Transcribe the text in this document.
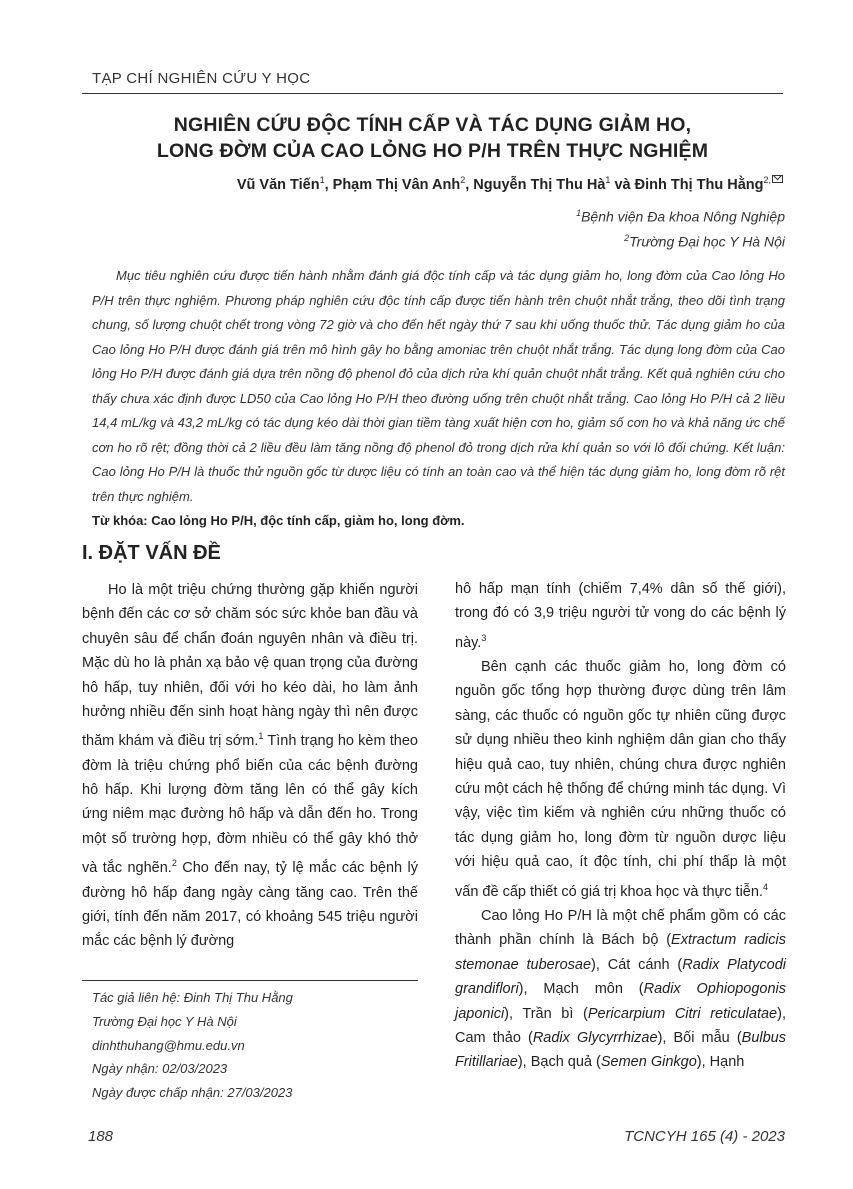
TẠP CHÍ NGHIÊN CỨU Y HỌC
NGHIÊN CỨU ĐỘC TÍNH CẤP VÀ TÁC DỤNG GIẢM HO,
LONG ĐỜM CỦA CAO LỎNG HO P/H TRÊN THỰC NGHIỆM
Vũ Văn Tiến$^1$, Phạm Thị Vân Anh$^2$, Nguyễn Thị Thu $Hà^1$ và Đinh Thị Thu Hằng$^{2,}$
$^1$Bệnh viện Đa khoa Nông Nghiệp
$^2$Trường Đại học Y Hà Nội
Mục tiêu nghiên cứu được tiến hành nhằm đánh giá độc tính cấp và tác dụng giảm ho, long đờm của Cao lỏng Ho P/H trên thực nghiệm. Phương pháp nghiên cứu độc tính cấp được tiến hành trên chuột nhắt trắng, theo dõi tình trạng chung, số lượng chuột chết trong vòng 72 giờ và cho đến hết ngày thứ 7 sau khi uống thuốc thử. Tác dụng giảm ho của Cao lỏng Ho P/H được đánh giá trên mô hình gây ho bằng amoniac trên chuột nhắt trắng. Tác dụng long đờm của Cao lỏng Ho P/H được đánh giá dựa trên nồng độ phenol đỏ của dịch rửa khí quản chuột nhắt trắng. Kết quả nghiên cứu cho thấy chưa xác định được LD50 của Cao lỏng Ho P/H theo đường uống trên chuột nhắt trắng. Cao lỏng Ho P/H cả 2 liều 14,4 mL/kg và 43,2 mL/kg có tác dụng kéo dài thời gian tiềm tàng xuất hiện cơn ho, giảm số cơn ho và khả năng ức chế cơn ho rõ rệt; đồng thời cả 2 liều đều làm tăng nồng độ phenol đỏ trong dịch rửa khí quản so với lô đối chứng. Kết luận: Cao lỏng Ho P/H là thuốc thử nguồn gốc từ dược liệu có tính an toàn cao và thể hiện tác dụng giảm ho, long đờm rõ rệt trên thực nghiệm.
Từ khóa: Cao lỏng Ho P/H, độc tính cấp, giảm ho, long đờm.
I. ĐẶT VẤN ĐỀ

Ho là một triệu chứng thường gặp khiến người bệnh đến các cơ sở chăm sóc sức khỏe ban đầu và chuyên sâu để chẩn đoán nguyên nhân và điều trị. Mặc dù ho là phản xạ bảo vệ quan trọng của đường hô hấp, tuy nhiên, đối với ho kéo dài, ho làm ảnh hưởng nhiều đến sinh hoạt hàng ngày thì nên được thăm khám và điều trị sớm.$^1$ Tình trạng ho kèm theo đờm là triệu chứng phổ biến của các bệnh đường hô hấp. Khi lượng đờm tăng lên có thể gây kích ứng niêm mạc đường hô hấp và dẫn đến ho. Trong một số trường hợp, đờm nhiều có thể gây khó thở và tắc nghẽn.$^2$ Cho đến nay, tỷ lệ mắc các bệnh lý đường hô hấp đang ngày càng tăng cao. Trên thế giới, tính đến năm 2017, có khoảng 545 triệu người mắc các bệnh lý đường

Tác giả liên hệ: Đinh Thị Thu Hằng
Trường Đại học Y Hà Nội
dinhthuhang@hmu.edu.vn
Ngày nhận: 02/03/2023
Ngày được chấp nhận: 27/03/2023

hô hấp mạn tính (chiếm 7,4% dân số thế giới), trong đó có 3,9 triệu người tử vong do các bệnh lý này.$^3$

Bên cạnh các thuốc giảm ho, long đờm có nguồn gốc tổng hợp thường được dùng trên lâm sàng, các thuốc có nguồn gốc tự nhiên cũng được sử dụng nhiều theo kinh nghiệm dân gian cho thấy hiệu quả cao, tuy nhiên, chúng chưa được nghiên cứu một cách hệ thống để chứng minh tác dụng. Vì vậy, việc tìm kiếm và nghiên cứu những thuốc có tác dụng giảm ho, long đờm từ nguồn dược liệu với hiệu quả cao, ít độc tính, chi phí thấp là một vấn đề cấp thiết có giá trị khoa học và thực tiễn.$^4$

Cao lỏng Ho P/H là một chế phẩm gồm có các thành phần chính là Bách bộ (Extractum radicis stemonae tuberosae), Cát cánh (Radix Platycodi grandiflori), Mạch môn (Radix Ophiopogonis japonici), Trần bì (Pericarpium Citri reticulatae), Cam thảo (Radix Glycyrrhizae), Bối mẫu (Bulbus Fritillariae), Bạch quả (Semen Ginkgo), Hạnh

188	TCNCYH 165 (4) - 2023
